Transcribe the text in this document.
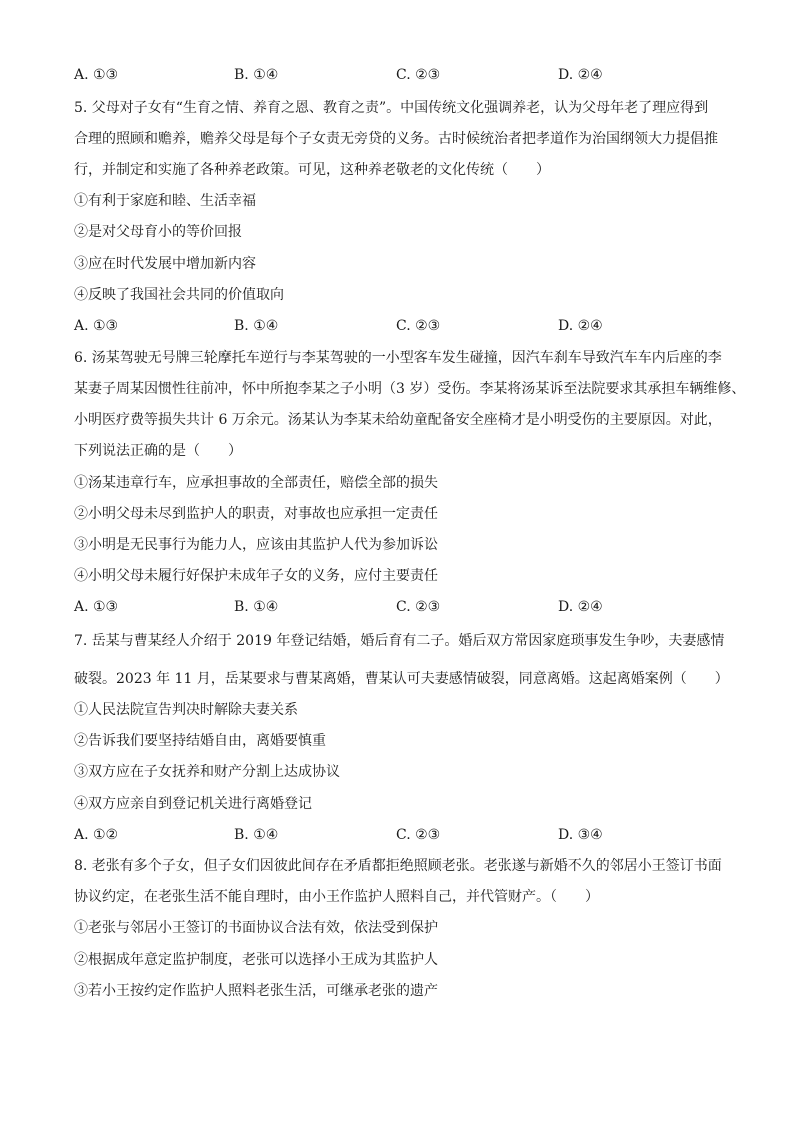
A. ①③	B. ①④	C. ②③	D. ②④
5. 父母对子女有“生育之情、养育之恩、教育之责”。中国传统文化强调养老，认为父母年老了理应得到
合理的照顾和赡养，赡养父母是每个子女责无旁贷的义务。古时候统治者把孝道作为治国纲领大力提倡推
行，并制定和实施了各种养老政策。可见，这种养老敬老的文化传统（　　）
①有利于家庭和睦、生活幸福
②是对父母育小的等价回报
③应在时代发展中增加新内容
④反映了我国社会共同的价值取向
A. ①③	B. ①④	C. ②③	D. ②④
6. 汤某驾驶无号牌三轮摩托车逆行与李某驾驶的一小型客车发生碰撞，因汽车刹车导致汽车车内后座的李
某妻子周某因惯性往前冲，怀中所抱李某之子小明（3 岁）受伤。李某将汤某诉至法院要求其承担车辆维修、
小明医疗费等损失共计 6 万余元。汤某认为李某未给幼童配备安全座椅才是小明受伤的主要原因。对此，
下列说法正确的是（　　）
①汤某违章行车，应承担事故的全部责任，赔偿全部的损失
②小明父母未尽到监护人的职责，对事故也应承担一定责任
③小明是无民事行为能力人，应该由其监护人代为参加诉讼
④小明父母未履行好保护未成年子女的义务，应付主要责任
A. ①③	B. ①④	C. ②③	D. ②④
7. 岳某与曹某经人介绍于 2019 年登记结婚，婚后育有二子。婚后双方常因家庭琐事发生争吵，夫妻感情
破裂。2023 年 11 月，岳某要求与曹某离婚，曹某认可夫妻感情破裂，同意离婚。这起离婚案例（　　）
①人民法院宣告判决时解除夫妻关系
②告诉我们要坚持结婚自由，离婚要慎重
③双方应在子女抚养和财产分割上达成协议
④双方应亲自到登记机关进行离婚登记
A. ①②	B. ①④	C. ②③	D. ③④
8. 老张有多个子女，但子女们因彼此间存在矛盾都拒绝照顾老张。老张遂与新婚不久的邻居小王签订书面
协议约定，在老张生活不能自理时，由小王作监护人照料自己，并代管财产。（　　）
①老张与邻居小王签订的书面协议合法有效，依法受到保护
②根据成年意定监护制度，老张可以选择小王成为其监护人
③若小王按约定作监护人照料老张生活，可继承老张的遗产
